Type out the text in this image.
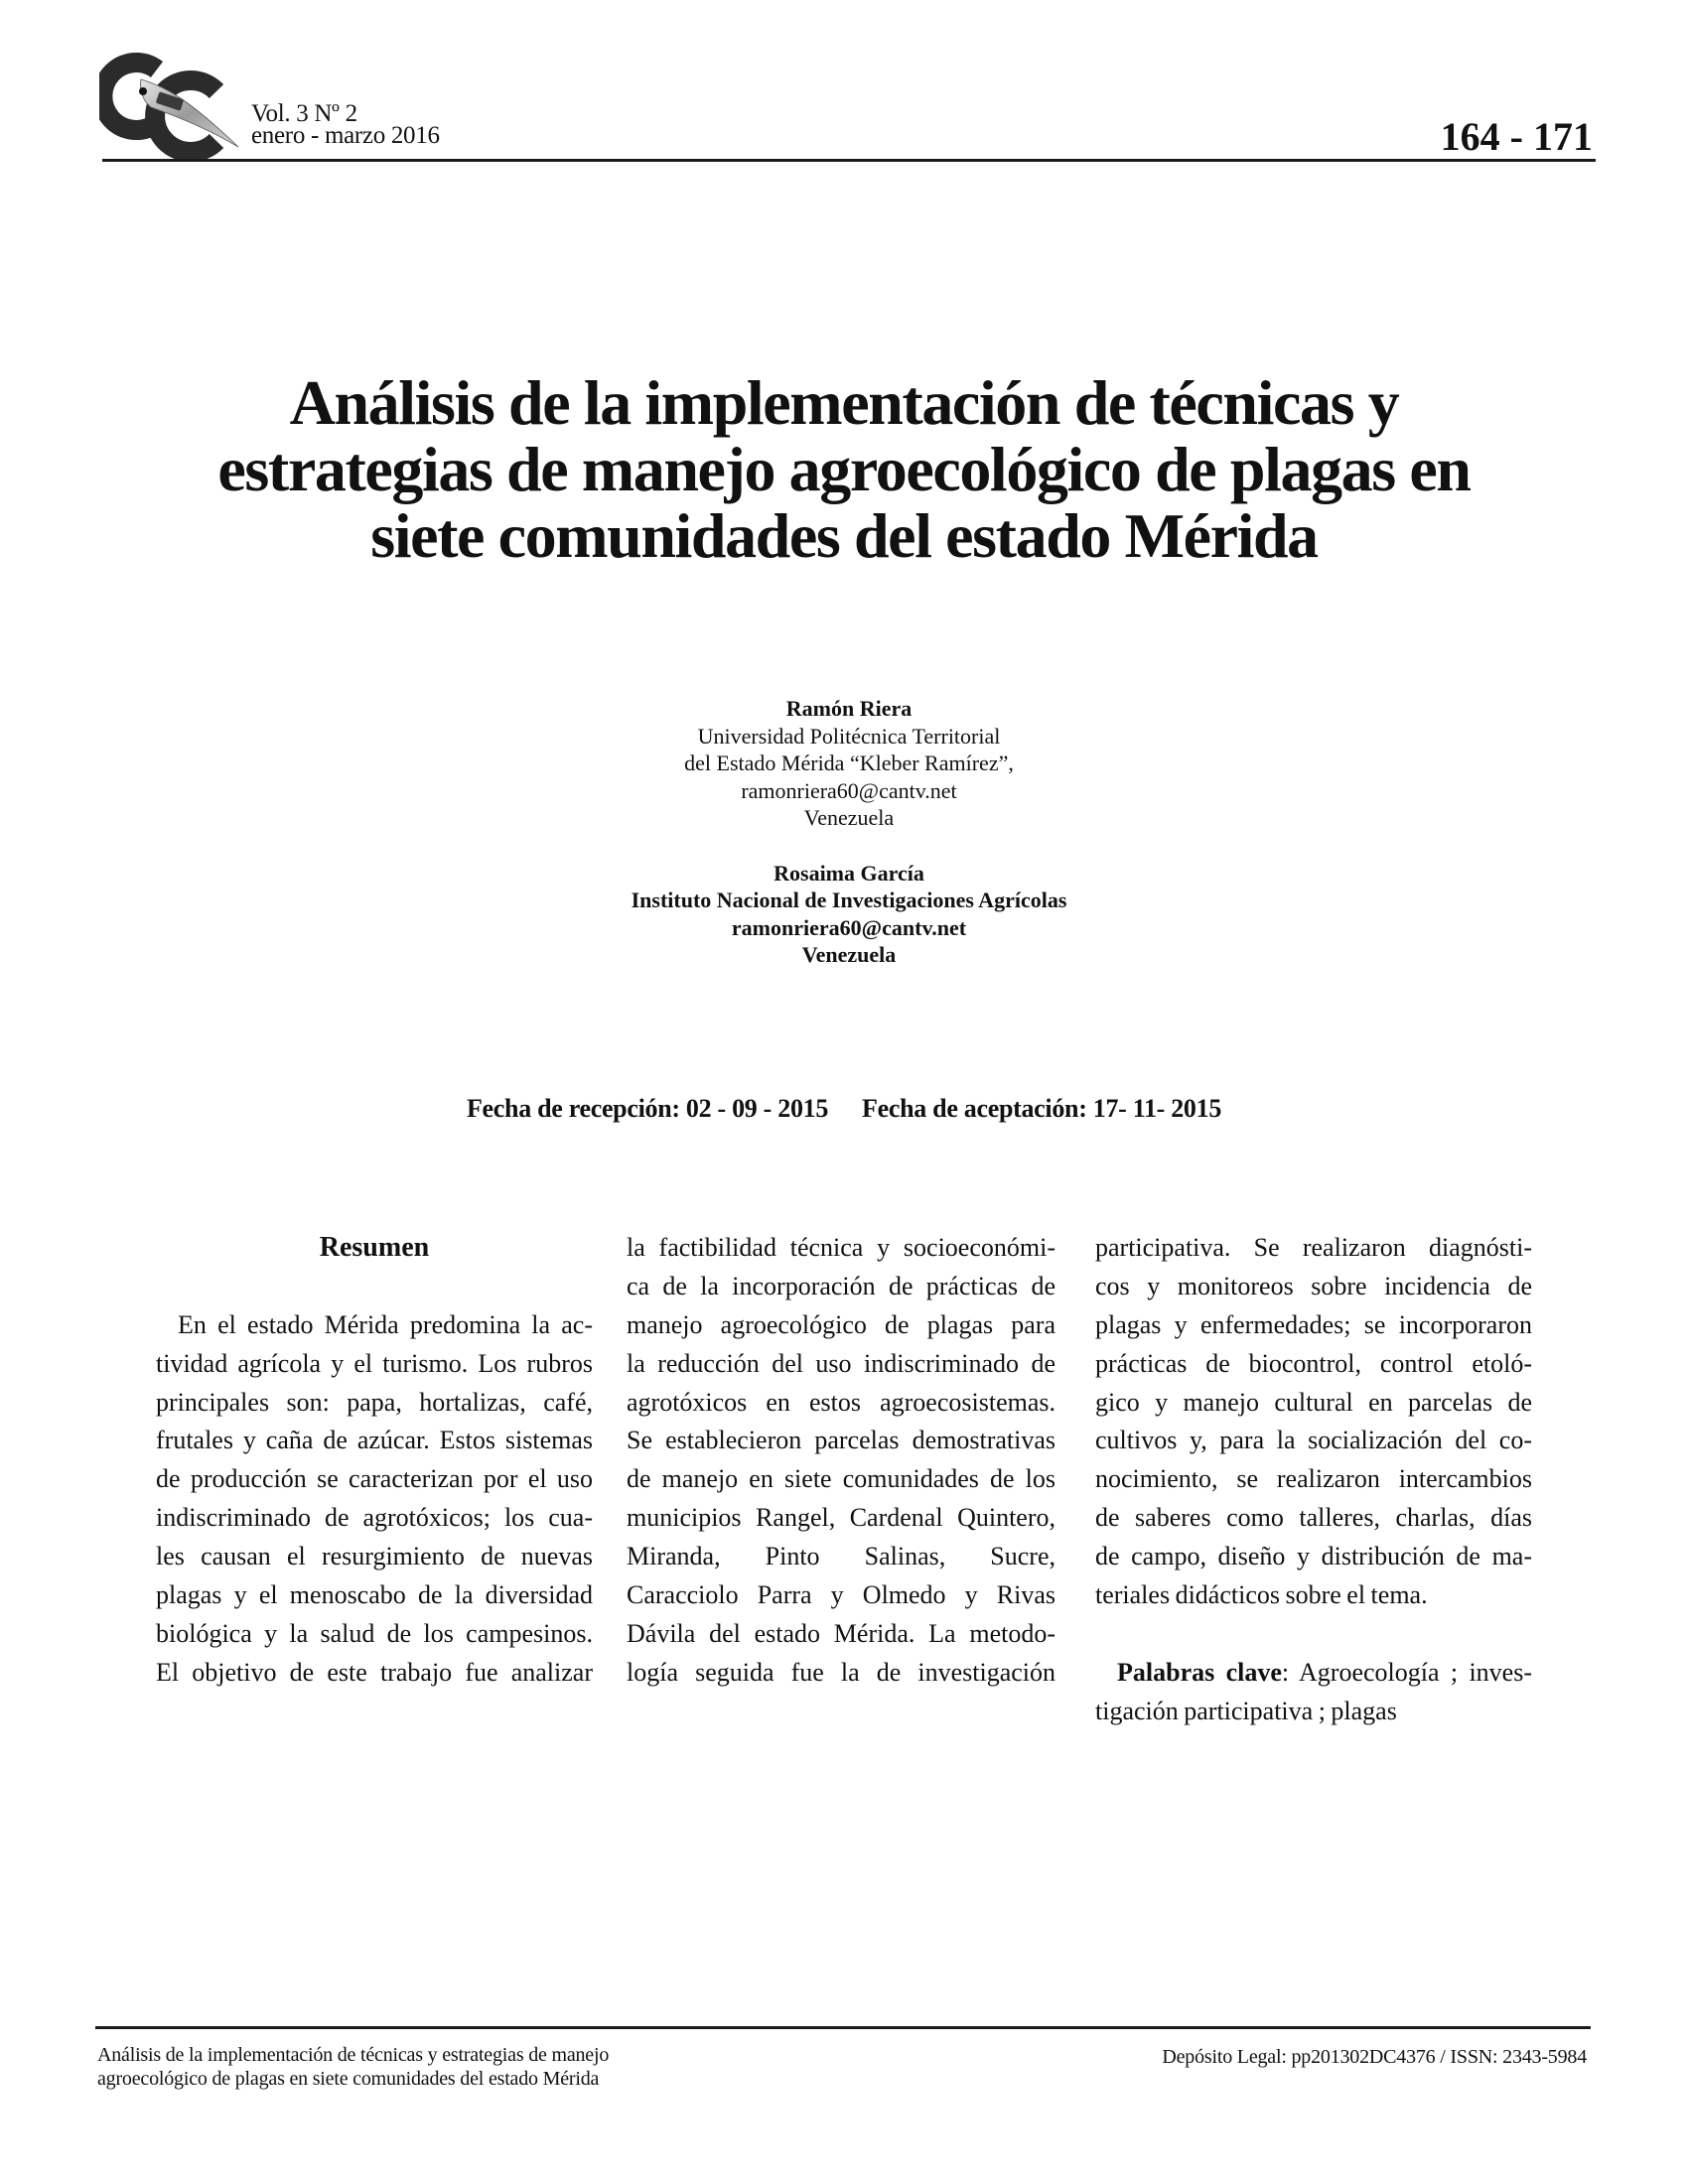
Vol. 3 Nº 2
enero - marzo 2016	164 - 171
Análisis de la implementación de técnicas y
estrategias de manejo agroecológico de plagas en
siete comunidades del estado Mérida
Ramón Riera
Universidad Politécnica Territorial
del Estado Mérida “Kleber Ramírez”,
ramonriera60@cantv.net
Venezuela
Rosaima García
Instituto Nacional de Investigaciones Agrícolas
ramonriera60@cantv.net
Venezuela
Fecha de recepción: 02 - 09 - 2015 Fecha de aceptación: 17- 11- 2015
Resumen
En el estado Mérida predomina la ac-
tividad agrícola y el turismo. Los rubros
principales son: papa, hortalizas, café,
frutales y caña de azúcar. Estos sistemas
de producción se caracterizan por el uso
indiscriminado de agrotóxicos; los cua-
les causan el resurgimiento de nuevas
plagas y el menoscabo de la diversidad
biológica y la salud de los campesinos.
El objetivo de este trabajo fue analizar
la factibilidad técnica y socioeconómi-
ca de la incorporación de prácticas de
manejo agroecológico de plagas para
la reducción del uso indiscriminado de
agrotóxicos en estos agroecosistemas.
Se establecieron parcelas demostrativas
de manejo en siete comunidades de los
municipios Rangel, Cardenal Quintero,
Miranda, Pinto Salinas, Sucre,
Caracciolo Parra y Olmedo y Rivas
Dávila del estado Mérida. La metodo-
logía seguida fue la de investigación
participativa. Se realizaron diagnósti-
cos y monitoreos sobre incidencia de
plagas y enfermedades; se incorporaron
prácticas de biocontrol, control etoló-
gico y manejo cultural en parcelas de
cultivos y, para la socialización del co-
nocimiento, se realizaron intercambios
de saberes como talleres, charlas, días
de campo, diseño y distribución de ma-
teriales didácticos sobre el tema.
Palabras clave: Agroecología ; inves-
tigación participativa ; plagas
Análisis de la implementación de técnicas y estrategias de manejo
agroecológico de plagas en siete comunidades del estado Mérida
Depósito Legal: pp201302DC4376 / ISSN: 2343-5984
